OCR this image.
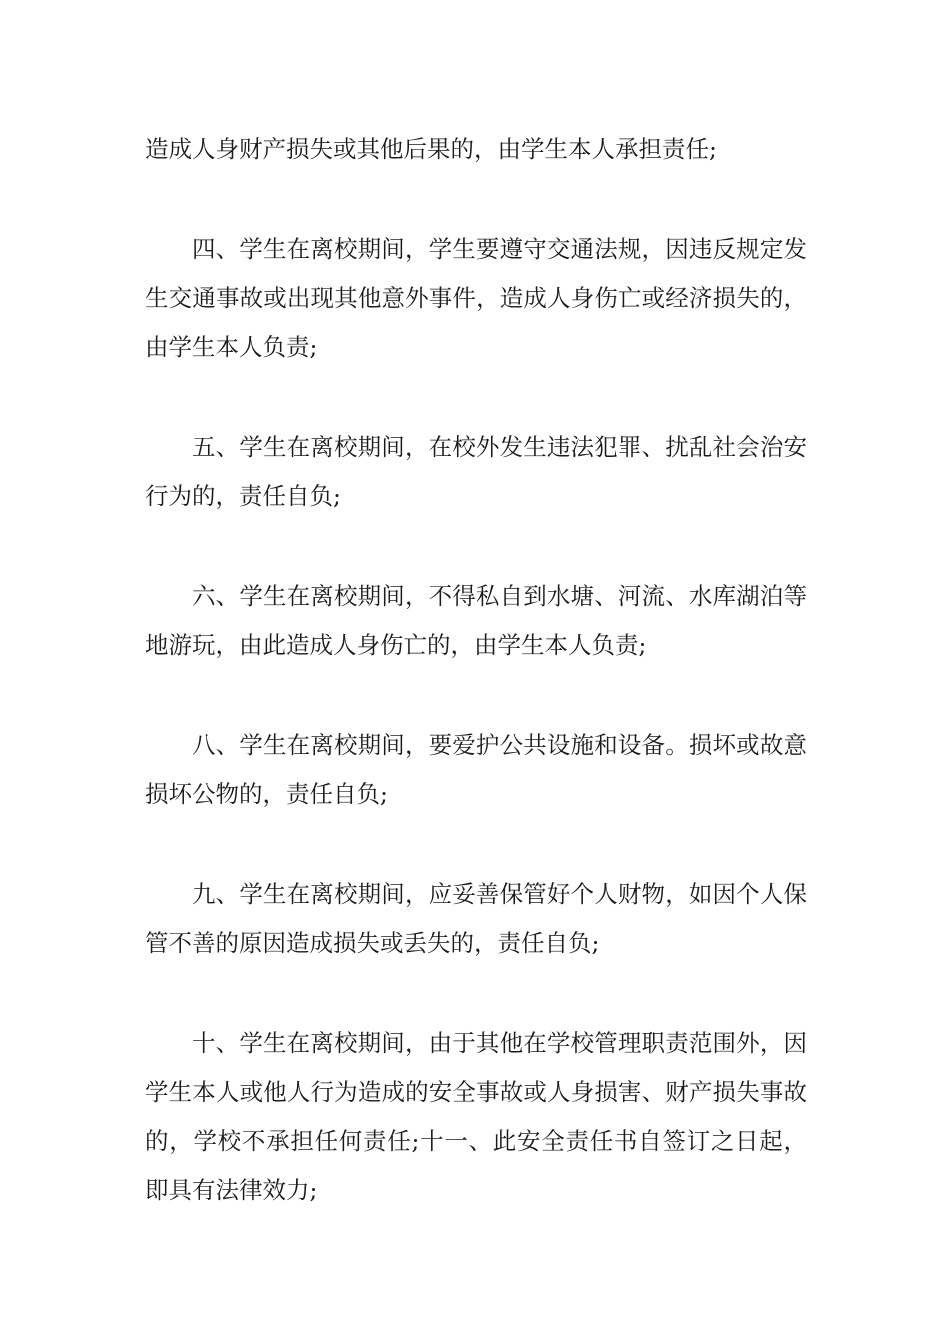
造成人身财产损失或其他后果的，由学生本人承担责任;

四、学生在离校期间，学生要遵守交通法规，因违反规定发生交通事故或出现其他意外事件，造成人身伤亡或经济损失的，由学生本人负责;

五、学生在离校期间，在校外发生违法犯罪、扰乱社会治安行为的，责任自负;

六、学生在离校期间，不得私自到水塘、河流、水库湖泊等地游玩，由此造成人身伤亡的，由学生本人负责;

八、学生在离校期间，要爱护公共设施和设备。损坏或故意损坏公物的，责任自负;

九、学生在离校期间，应妥善保管好个人财物，如因个人保管不善的原因造成损失或丢失的，责任自负;

十、学生在离校期间，由于其他在学校管理职责范围外，因学生本人或他人行为造成的安全事故或人身损害、财产损失事故的，学校不承担任何责任;十一、此安全责任书自签订之日起，即具有法律效力;
